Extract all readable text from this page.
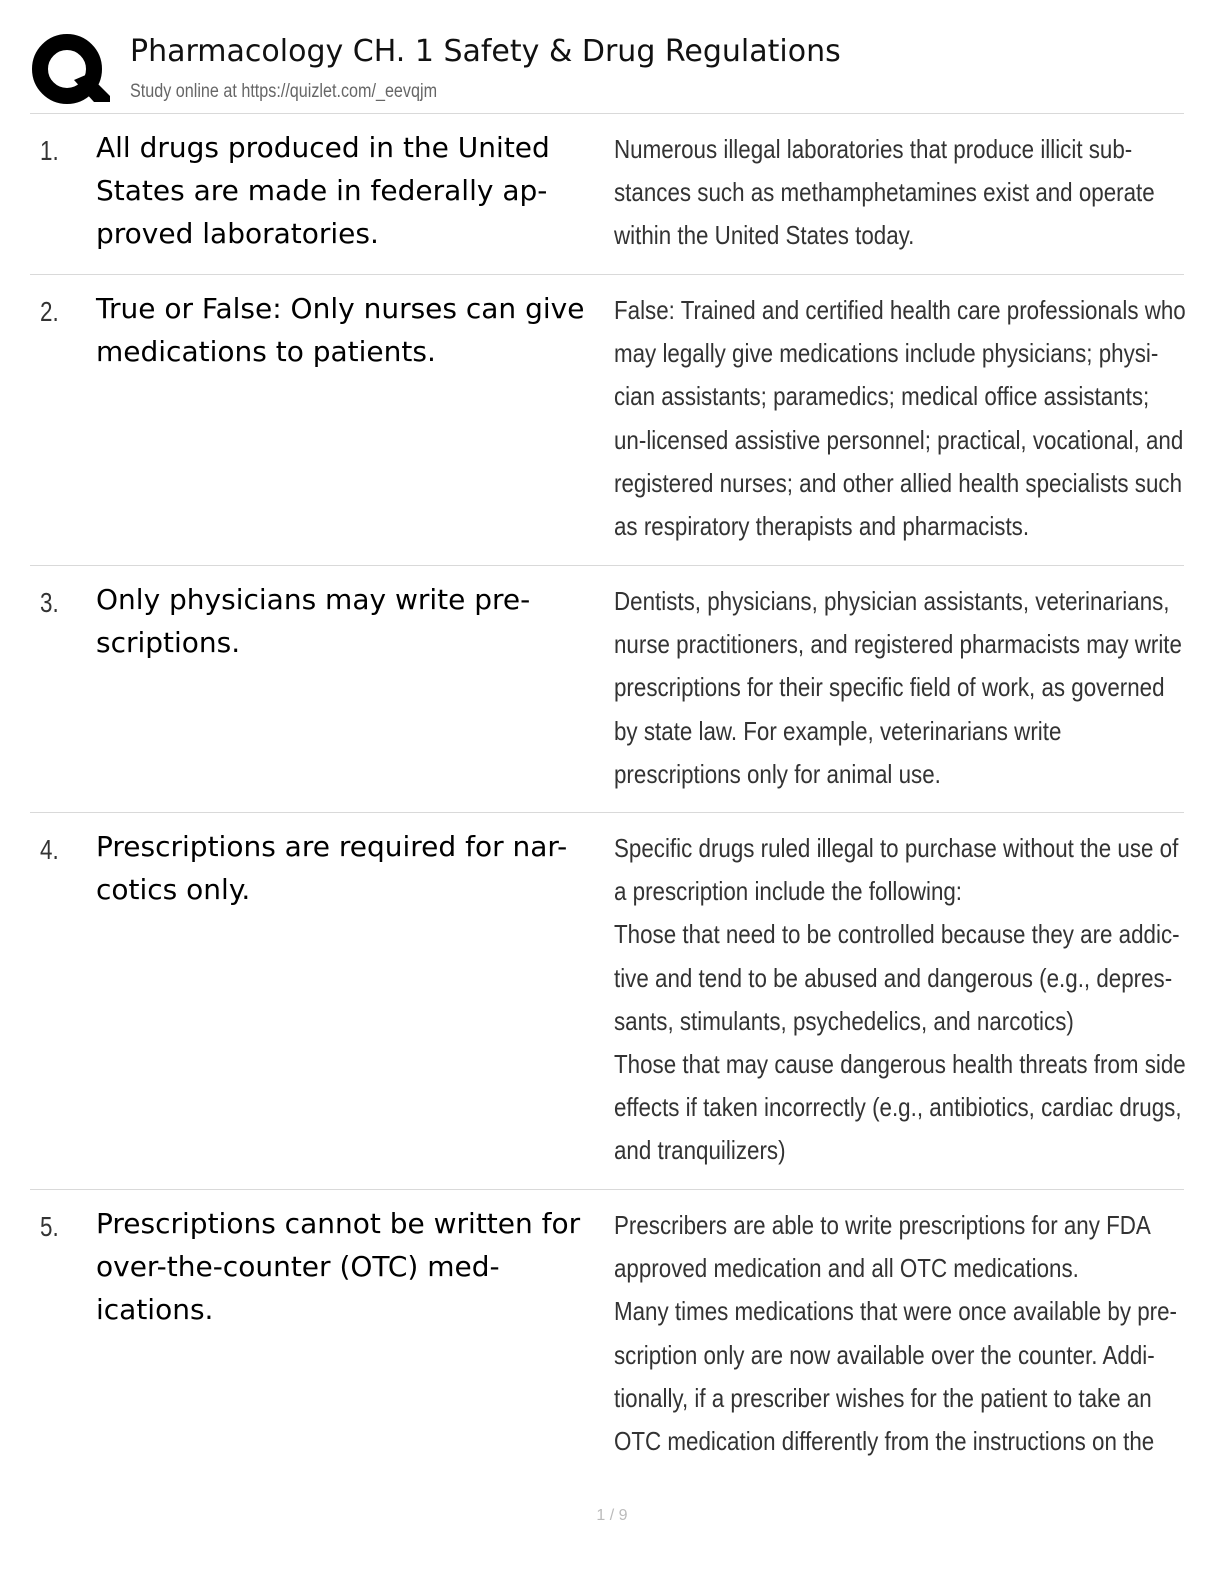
Pharmacology CH. 1 Safety & Drug Regulations
Study online at https://quizlet.com/_eevqjm
1. All drugs produced in the United States are made in federally ap-proved laboratories.
Numerous illegal laboratories that produce illicit sub-stances such as methamphetamines exist and operate within the United States today.
2. True or False: Only nurses can give medications to patients.
False: Trained and certified health care professionals who may legally give medications include physicians; physi-cian assistants; paramedics; medical office assistants; un-licensed assistive personnel; practical, vocational, and registered nurses; and other allied health specialists such as respiratory therapists and pharmacists.
3. Only physicians may write pre-scriptions.
Dentists, physicians, physician assistants, veterinarians, nurse practitioners, and registered pharmacists may write prescriptions for their specific field of work, as governed by state law. For example, veterinarians write prescriptions only for animal use.
4. Prescriptions are required for nar-cotics only.
Specific drugs ruled illegal to purchase without the use of a prescription include the following:
Those that need to be controlled because they are addic-tive and tend to be abused and dangerous (e.g., depres-sants, stimulants, psychedelics, and narcotics)
Those that may cause dangerous health threats from side effects if taken incorrectly (e.g., antibiotics, cardiac drugs, and tranquilizers)
5. Prescriptions cannot be written for over-the-counter (OTC) med-ications.
Prescribers are able to write prescriptions for any FDA approved medication and all OTC medications.
Many times medications that were once available by pre-scription only are now available over the counter. Addi-tionally, if a prescriber wishes for the patient to take an OTC medication differently from the instructions on the
1 / 9
